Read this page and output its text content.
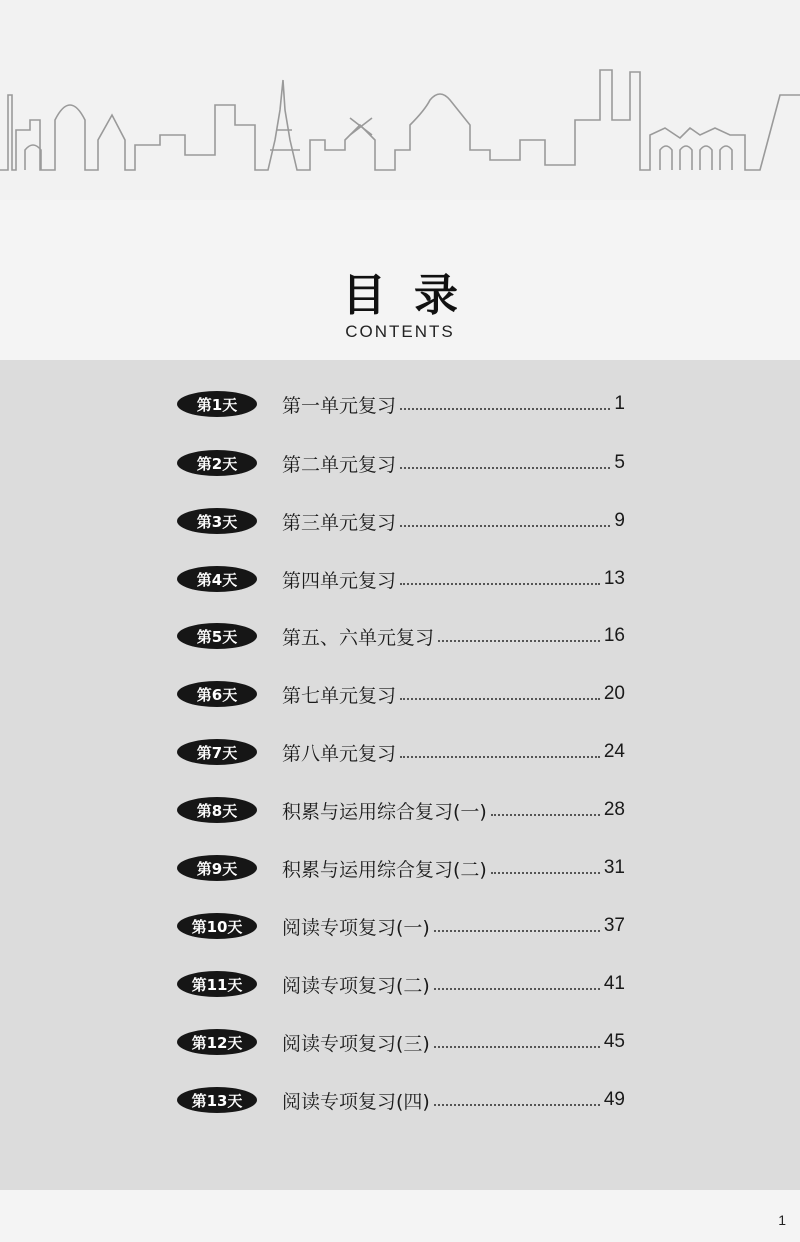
目录
CONTENTS
第1天	第一单元复习	1
第2天	第二单元复习	5
第3天	第三单元复习	9
第4天	第四单元复习	13
第5天	第五、六单元复习	16
第6天	第七单元复习	20
第7天	第八单元复习	24
第8天	积累与运用综合复习(一)	28
第9天	积累与运用综合复习(二)	31
第10天	阅读专项复习(一)	37
第11天	阅读专项复习(二)	41
第12天	阅读专项复习(三)	45
第13天	阅读专项复习(四)	49
1
